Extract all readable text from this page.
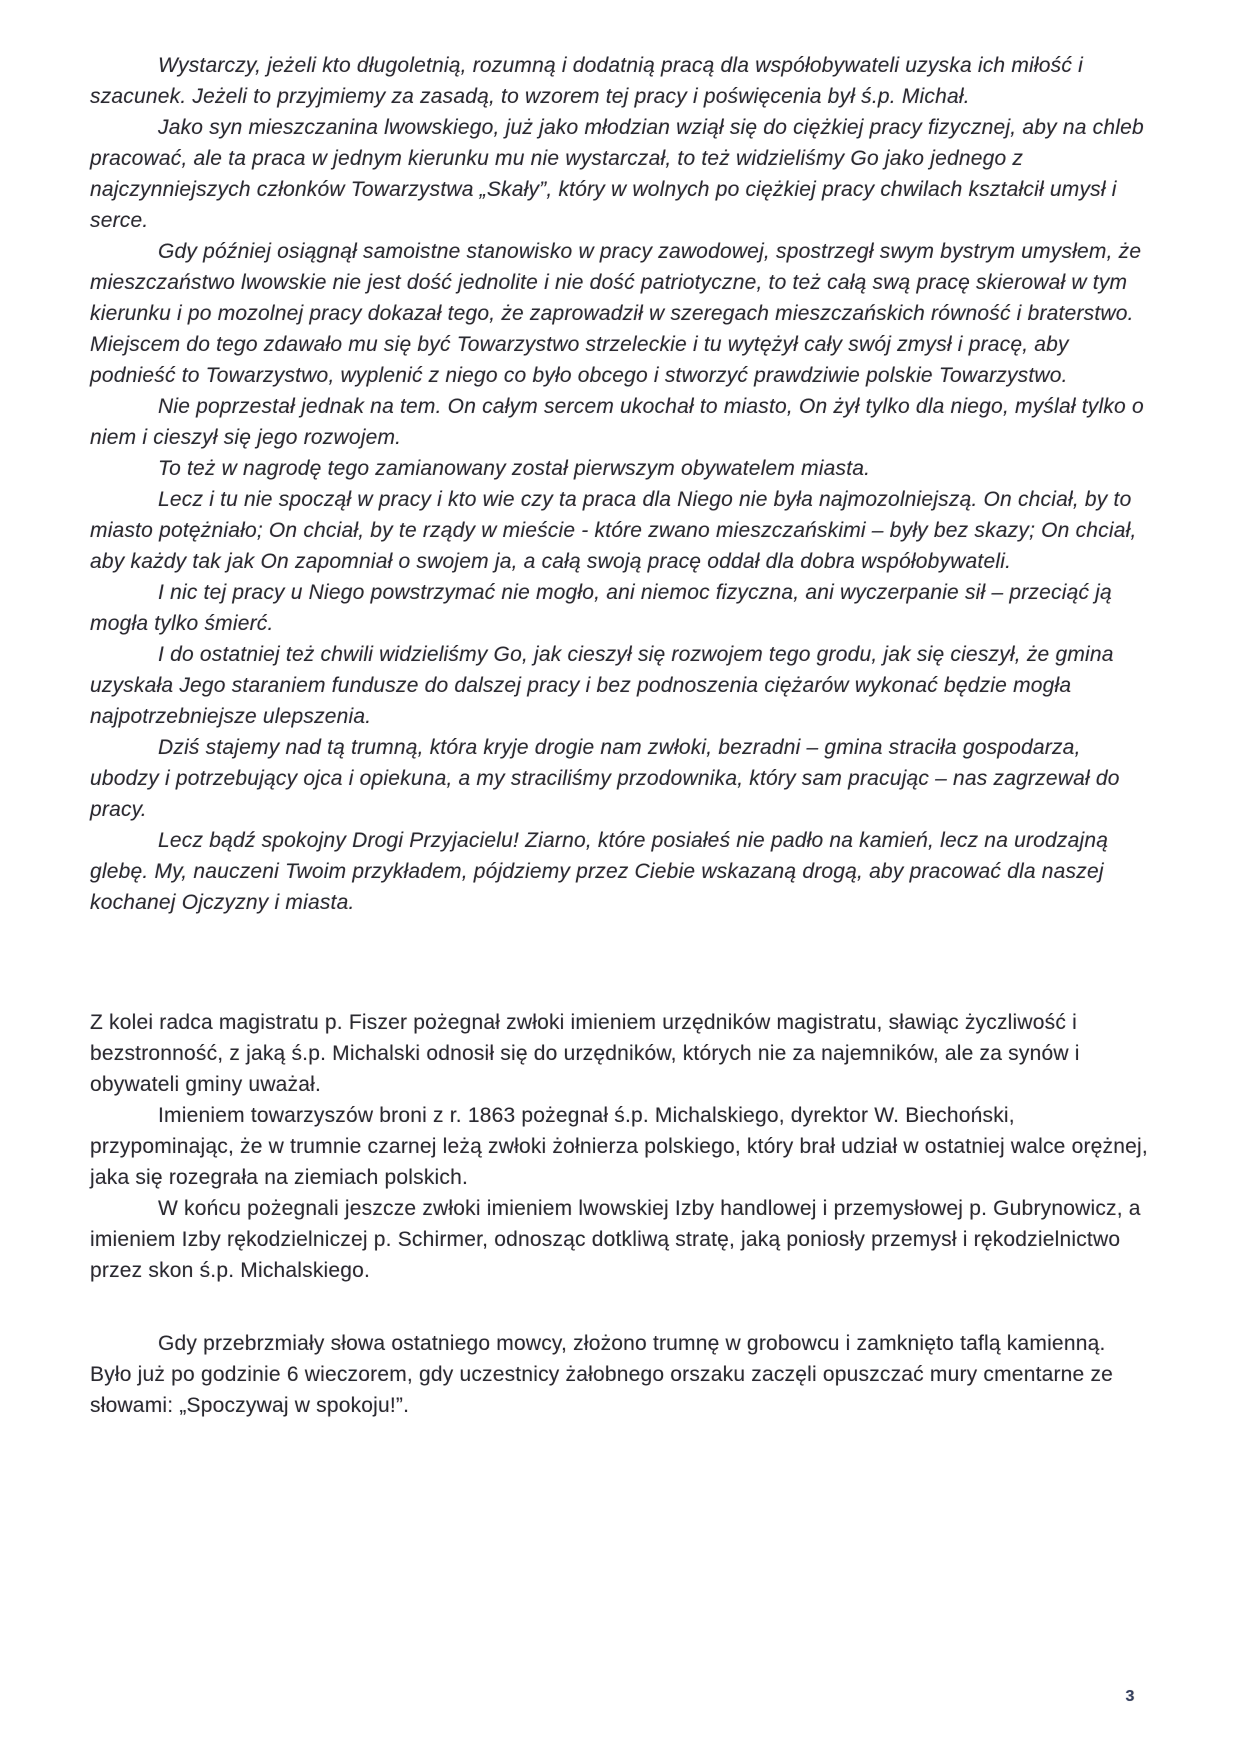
Wystarczy, jeżeli kto długoletnią, rozumną i dodatnią pracą dla współobywateli uzyska ich miłość i szacunek. Jeżeli to przyjmiemy za zasadą, to wzorem tej pracy i poświęcenia był ś.p. Michał.

Jako syn mieszczanina lwowskiego, już jako młodzian wziął się do ciężkiej pracy fizycznej, aby na chleb pracować, ale ta praca w jednym kierunku mu nie wystarczał, to też widzieliśmy Go jako jednego z najczynniejszych członków Towarzystwa „Skały”, który w wolnych po ciężkiej pracy chwilach kształcił umysł i serce.

Gdy później osiągnął samoistne stanowisko w pracy zawodowej, spostrzegł swym bystrym umysłem, że mieszczaństwo lwowskie nie jest dość jednolite i nie dość patriotyczne, to też całą swą pracę skierował w tym kierunku i po mozolnej pracy dokazał tego, że zaprowadził w szeregach mieszczańskich równość i braterstwo. Miejscem do tego zdawało mu się być Towarzystwo strzeleckie i tu wytężył cały swój zmysł i pracę, aby podnieść to Towarzystwo, wyplenić z niego co było obcego i stworzyć prawdziwie polskie Towarzystwo.

Nie poprzestał jednak na tem. On całym sercem ukochał to miasto, On żył tylko dla niego, myślał tylko o niem i cieszył się jego rozwojem.

To też w nagrodę tego zamianowany został pierwszym obywatelem miasta.

Lecz i tu nie spoczął w pracy i kto wie czy ta praca dla Niego nie była najmozolniejszą. On chciał, by to miasto potężniało; On chciał, by te rządy w mieście - które zwano mieszczańskimi – były bez skazy; On chciał, aby każdy tak jak On zapomniał o swojem ja, a całą swoją pracę oddał dla dobra współobywateli.

I nic tej pracy u Niego powstrzymać nie mogło, ani niemoc fizyczna, ani wyczerpanie sił – przeciąć ją mogła tylko śmierć.

I do ostatniej też chwili widzieliśmy Go, jak cieszył się rozwojem tego grodu, jak się cieszył, że gmina uzyskała Jego staraniem fundusze do dalszej pracy i bez podnoszenia ciężarów wykonać będzie mogła najpotrzebniejsze ulepszenia.

Dziś stajemy nad tą trumną, która kryje drogie nam zwłoki, bezradni – gmina straciła gospodarza, ubodzy i potrzebujący ojca i opiekuna, a my straciliśmy przodownika, który sam pracując – nas zagrzewał do pracy.

Lecz bądź spokojny Drogi Przyjacielu! Ziarno, które posiałeś nie padło na kamień, lecz na urodzajną glebę. My, nauczeni Twoim przykładem, pójdziemy przez Ciebie wskazaną drogą, aby pracować dla naszej kochanej Ojczyzny i miasta.

Z kolei radca magistratu p. Fiszer pożegnał zwłoki imieniem urzędników magistratu, sławiąc życzliwość i bezstronność, z jaką ś.p. Michalski odnosił się do urzędników, których nie za najemników, ale za synów i obywateli gminy uważał.

Imieniem towarzyszów broni z r. 1863 pożegnał ś.p. Michalskiego, dyrektor W. Biechoński, przypominając, że w trumnie czarnej leżą zwłoki żołnierza polskiego, który brał udział w ostatniej walce orężnej, jaka się rozegrała na ziemiach polskich.

W końcu pożegnali jeszcze zwłoki imieniem lwowskiej Izby handlowej i przemysłowej p. Gubrynowicz, a imieniem Izby rękodzielniczej p. Schirmer, odnosząc dotkliwą stratę, jaką poniosły przemysł i rękodzielnictwo przez skon ś.p. Michalskiego.

Gdy przebrzmiały słowa ostatniego mowcy, złożono trumnę w grobowcu i zamknięto taflą kamienną. Było już po godzinie 6 wieczorem, gdy uczestnicy żałobnego orszaku zaczęli opuszczać mury cmentarne ze słowami: „Spoczywaj w spokoju!”.

3
